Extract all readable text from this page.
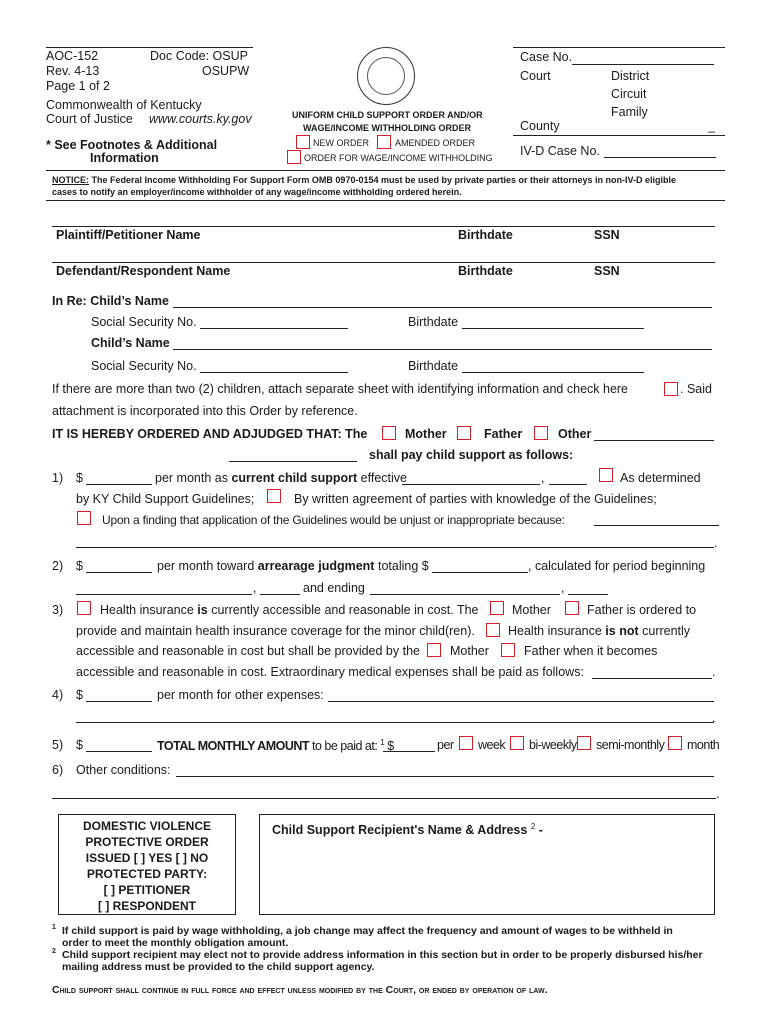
AOC-152
Rev. 4-13
Page 1 of 2
Doc Code: OSUP
OSUPW
Commonwealth of Kentucky
Court of Justice www.courts.ky.gov
* See Footnotes & Additional
Information
UNIFORM CHILD SUPPORT ORDER AND/OR
WAGE/INCOME WITHHOLDING ORDER
NEW ORDER	AMENDED ORDER
ORDER FOR WAGE/INCOME WITHHOLDING
Case No.
Court	District
Circuit
Family
County	_
IV-D Case No.
NOTICE: The Federal Income Withholding For Support Form OMB 0970-0154 must be used by private parties or their attorneys in non-IV-D eligible
cases to notify an employer/income withholder of any wage/income withholding ordered herein.
Plaintiff/Petitioner Name	Birthdate	SSN
Defendant/Respondent Name	Birthdate	SSN
In Re: Child’s Name
Social Security No.	Birthdate
Child’s Name
Social Security No.	Birthdate
If there are more than two (2) children, attach separate sheet with identifying information and check here	. Said
attachment is incorporated into this Order by reference.
IT IS HEREBY ORDERED AND ADJUDGED THAT: The	Mother	Father	Other
shall pay child support as follows:
1) $	per month as current child support effective	,	As determined
by KY Child Support Guidelines;	By written agreement of parties with knowledge of the Guidelines;
Upon a finding that application of the Guidelines would be unjust or inappropriate because:
.
2) $	per month toward arrearage judgment totaling $	, calculated for period beginning
,	and ending	,
3)	Health insurance is currently accessible and reasonable in cost. The	Mother	Father is ordered to
provide and maintain health insurance coverage for the minor child(ren).	Health insurance is not currently
accessible and reasonable in cost but shall be provided by the Mother	Father when it becomes
accessible and reasonable in cost. Extraordinary medical expenses shall be paid as follows:	.
4) $	per month for other expenses:
.
5) $	TOTAL MONTHLY AMOUNT to be paid at: $^1$ $	per week bi-weekly semi-monthly month
6) Other conditions:
.
DOMESTIC VIOLENCE
PROTECTIVE ORDER
ISSUED [ ] YES [ ] NO
PROTECTED PARTY:
[ ] PETITIONER
[ ] RESPONDENT
Child Support Recipient's Name & Address $^2$ -
1 If child support is paid by wage withholding, a job change may affect the frequency and amount of wages to be withheld in
order to meet the monthly obligation amount.
2 Child support recipient may elect not to provide address information in this section but in order to be properly disbursed his/her
mailing address must be provided to the child support agency.
Child support shall continue in full force and effect unless modified by the Court, or ended by operation of law.
